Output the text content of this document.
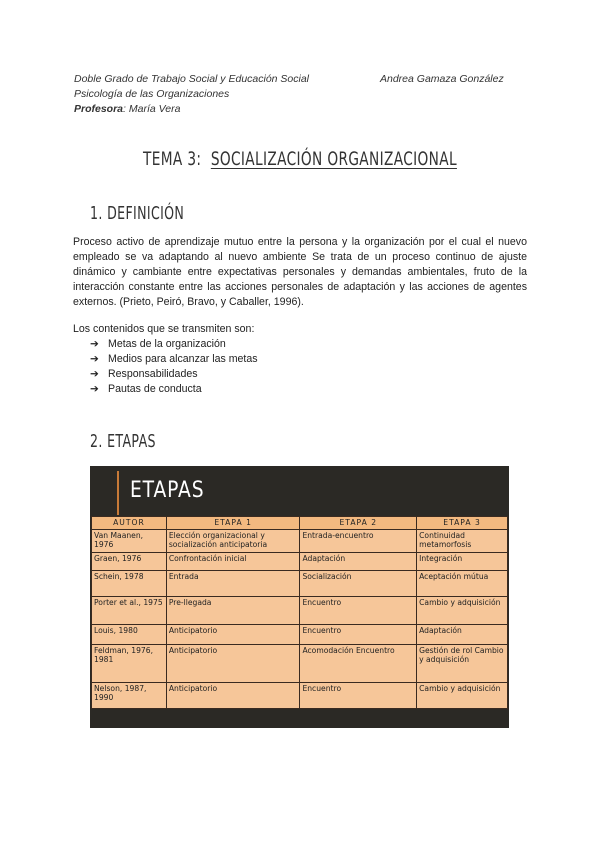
Doble Grado de Trabajo Social y Educación Social	Andrea Gamaza González
Psicología de las Organizaciones
Profesora: María Vera
TEMA 3: SOCIALIZACIÓN ORGANIZACIONAL
1. DEFINICIÓN
Proceso activo de aprendizaje mutuo entre la persona y la organización por el cual el nuevo empleado se va adaptando al nuevo ambiente Se trata de un proceso continuo de ajuste dinámico y cambiante entre expectativas personales y demandas ambientales, fruto de la interacción constante entre las acciones personales de adaptación y las acciones de agentes externos. (Prieto, Peiró, Bravo, y Caballer, 1996).
Los contenidos que se transmiten son:
➔ Metas de la organización
➔ Medios para alcanzar las metas
➔ Responsabilidades
➔ Pautas de conducta
2. ETAPAS
ETAPAS
AUTOR	ETAPA 1	ETAPA 2	ETAPA 3
Van Maanen, 1976	Elección organizacional y socialización anticipatoria	Entrada-encuentro	Continuidad metamorfosis
Graen, 1976	Confrontación inicial	Adaptación	Integración
Schein, 1978	Entrada	Socialización	Aceptación mútua
Porter et al., 1975	Pre-llegada	Encuentro	Cambio y adquisición
Louis, 1980	Anticipatorio	Encuentro	Adaptación
Feldman, 1976, 1981	Anticipatorio	Acomodación Encuentro	Gestión de rol Cambio y adquisición
Nelson, 1987, 1990	Anticipatorio	Encuentro	Cambio y adquisición
